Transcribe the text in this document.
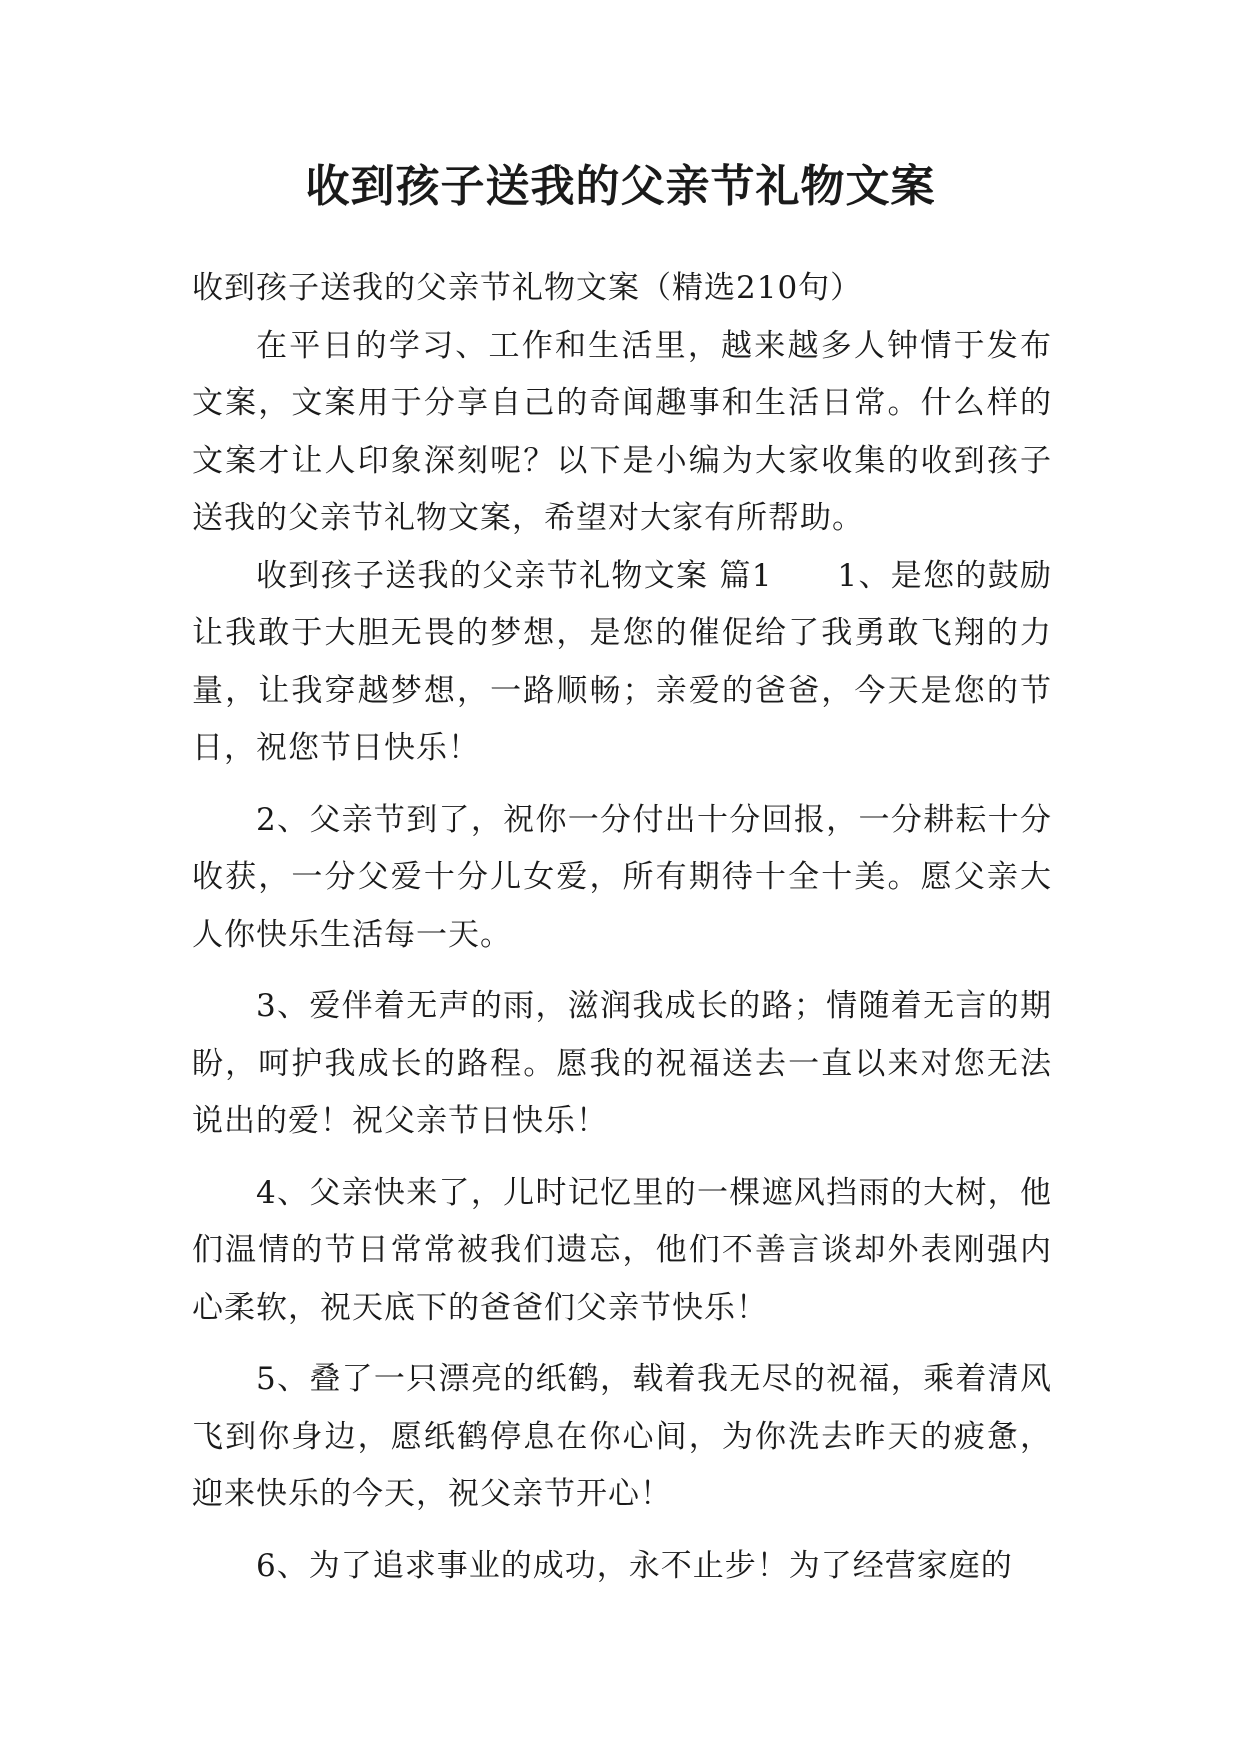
收到孩子送我的父亲节礼物文案

收到孩子送我的父亲节礼物文案（精选210句）

在平日的学习、工作和生活里，越来越多人钟情于发布文案，文案用于分享自己的奇闻趣事和生活日常。什么样的文案才让人印象深刻呢？以下是小编为大家收集的收到孩子送我的父亲节礼物文案，希望对大家有所帮助。

收到孩子送我的父亲节礼物文案 篇1　　1、是您的鼓励让我敢于大胆无畏的梦想，是您的催促给了我勇敢飞翔的力量，让我穿越梦想，一路顺畅；亲爱的爸爸，今天是您的节日，祝您节日快乐！

2、父亲节到了，祝你一分付出十分回报，一分耕耘十分收获，一分父爱十分儿女爱，所有期待十全十美。愿父亲大人你快乐生活每一天。

3、爱伴着无声的雨，滋润我成长的路；情随着无言的期盼，呵护我成长的路程。愿我的祝福送去一直以来对您无法说出的爱！祝父亲节日快乐！

4、父亲快来了，儿时记忆里的一棵遮风挡雨的大树，他们温情的节日常常被我们遗忘，他们不善言谈却外表刚强内心柔软，祝天底下的爸爸们父亲节快乐！

5、叠了一只漂亮的纸鹤，载着我无尽的祝福，乘着清风飞到你身边，愿纸鹤停息在你心间，为你洗去昨天的疲惫，迎来快乐的今天，祝父亲节开心！

6、为了追求事业的成功，永不止步！为了经营家庭的
